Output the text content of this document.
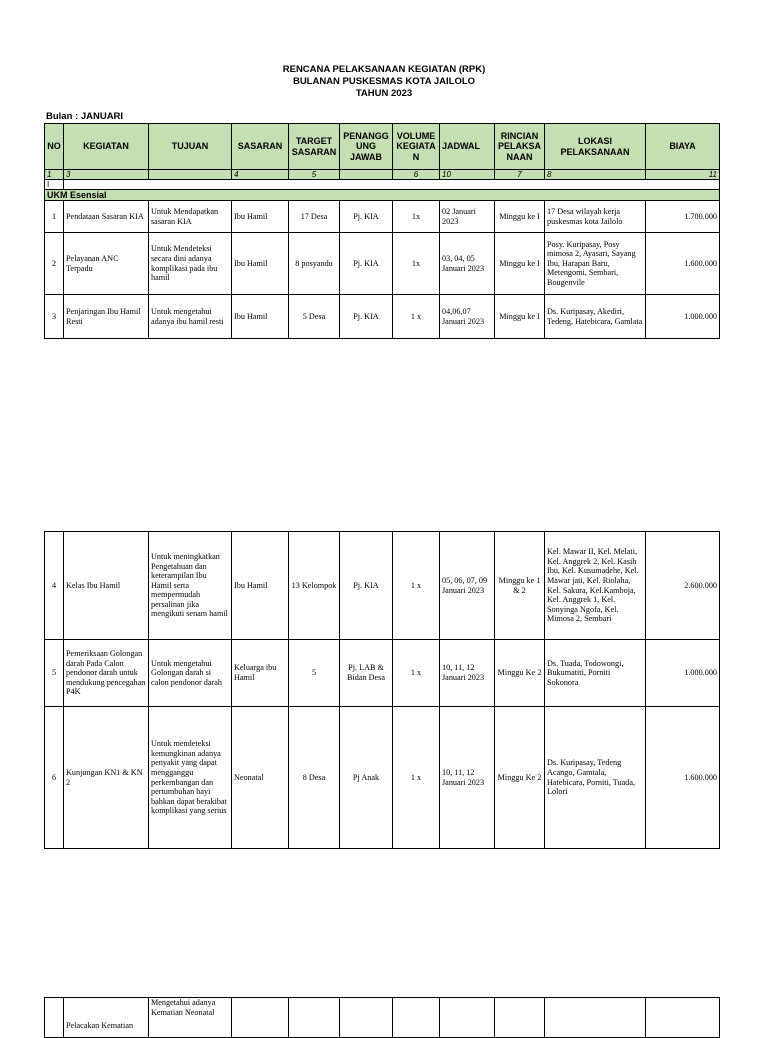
RENCANA PELAKSANAAN KEGIATAN (RPK)
BULANAN PUSKESMAS KOTA JAILOLO
TAHUN 2023
Bulan : JANUARI
NO	KEGIATAN	TUJUAN	SASARAN	TARGET SASARAN	PENANGG UNG JAWAB	VOLUME KEGIATA N	JADWAL	RINCIAN PELAKSA NAAN	LOKASI PELAKSANAAN	BIAYA
1	3		4	5		6	10	7	8	11
I										
UKM Esensial										
1	Pendataan Sasaran KIA	Untuk Mendapatkan sasaran KIA	Ibu Hamil	17 Desa	Pj. KIA	1x	02 Januari 2023	Minggu ke I	17 Desa wilayah kerja puskesmas kota Jailolo	1.700.000
2	Pelayanan ANC Terpadu	Untuk Mendeteksi secara dini adanya komplikasi pada ibu hamil	Ibu Hamil	8 posyandu	Pj. KIA	1x	03, 04, 05 Januari 2023	Minggu ke I	Posy. Kuripasay, Posy mimosa 2, Ayasari, Sayang Ibu, Harapan Baru, Metengomi, Sembari, Bougenvile	1.600.000
3	Penjaringan Ibu Hamil Resti	Untuk mengetahui adanya ibu hamil resti	Ibu Hamil	5 Desa	Pj. KIA	1 x	04,06,07 Januari 2023	Minggu ke I	Ds. Kuripasay, Akediri, Tedeng, Hatebicara, Gamlata	1.000.000
4	Kelas Ibu Hamil	Untuk meningkatkan Pengetahuan dan keterampilan Ibu Hamil serta mempermudah persalinan jika mengikuti senam hamil	Ibu Hamil	13 Kelompok	Pj. KIA	1 x	05, 06, 07, 09 Januari 2023	Minggu ke 1 & 2	Kel. Mawar II, Kel. Melati, Kel. Anggrek 2, Kel. Kasih Ibu, Kel. Kusumadehe, Kel. Mawar jati, Kel. Riolaha, Kel. Sakura, Kel.Kamboja, Kel. Anggrek 1, Kel. Sonyinga Ngofa, Kel. Mimosa 2, Sembari	2.600.000
5	Pemeriksaan Golongan darah Pada Calon pendonor darah untuk mendukung pencegahan P4K	Untuk mengetahui Golongan darah si calon pendonor darah	Keluarga ibu Hamil	5	Pj. LAB & Bidan Desa	1 x	10, 11, 12 Januari 2023	Minggu Ke 2	Ds. Tuada, Todowongi, Bukumatiti, Porniti Sokonora	1.000.000
6	Kunjungan KN1 & KN 2	Untuk mendeteksi kemungkinan adanya penyakit yang dapat mengganggu perkembangan dan pertumbuhan bayi bahkan dapat berakibat komplikasi yang serius	Neonatal	8 Desa	Pj Anak	1 x	10, 11, 12 Januari 2023	Minggu Ke 2	Ds. Kuripasay, Tedeng Acango, Gamtala, Hatebicara, Porniti, Tuada, Lolori	1.600.000
	Pelacakan Kematian	Mengetahui adanya Kematian Neonatal								
